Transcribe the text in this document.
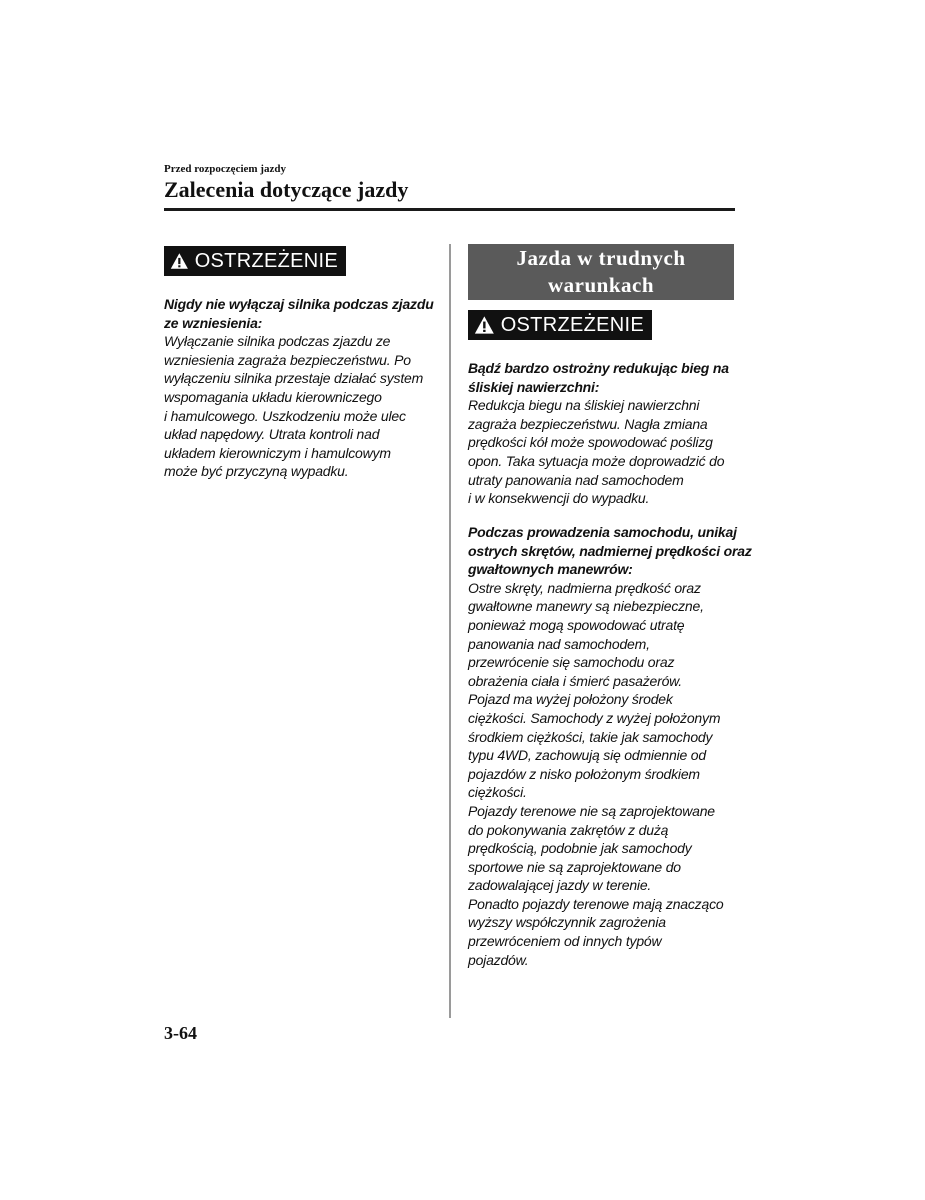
Przed rozpoczęciem jazdy
Zalecenia dotyczące jazdy
OSTRZEŻENIE
Nigdy nie wyłączaj silnika podczas zjazdu
ze wzniesienia:
Wyłączanie silnika podczas zjazdu ze
wzniesienia zagraża bezpieczeństwu. Po
wyłączeniu silnika przestaje działać system
wspomagania układu kierowniczego
i hamulcowego. Uszkodzeniu może ulec
układ napędowy. Utrata kontroli nad
układem kierowniczym i hamulcowym
może być przyczyną wypadku.
Jazda w trudnych
warunkach
OSTRZEŻENIE
Bądź bardzo ostrożny redukując bieg na
śliskiej nawierzchni:
Redukcja biegu na śliskiej nawierzchni
zagraża bezpieczeństwu. Nagła zmiana
prędkości kół może spowodować poślizg
opon. Taka sytuacja może doprowadzić do
utraty panowania nad samochodem
i w konsekwencji do wypadku.
Podczas prowadzenia samochodu, unikaj
ostrych skrętów, nadmiernej prędkości oraz
gwałtownych manewrów:
Ostre skręty, nadmierna prędkość oraz
gwałtowne manewry są niebezpieczne,
ponieważ mogą spowodować utratę
panowania nad samochodem,
przewrócenie się samochodu oraz
obrażenia ciała i śmierć pasażerów.
Pojazd ma wyżej położony środek
ciężkości. Samochody z wyżej położonym
środkiem ciężkości, takie jak samochody
typu 4WD, zachowują się odmiennie od
pojazdów z nisko położonym środkiem
ciężkości.
Pojazdy terenowe nie są zaprojektowane
do pokonywania zakrętów z dużą
prędkością, podobnie jak samochody
sportowe nie są zaprojektowane do
zadowalającej jazdy w terenie.
Ponadto pojazdy terenowe mają znacząco
wyższy współczynnik zagrożenia
przewróceniem od innych typów
pojazdów.
3-64
